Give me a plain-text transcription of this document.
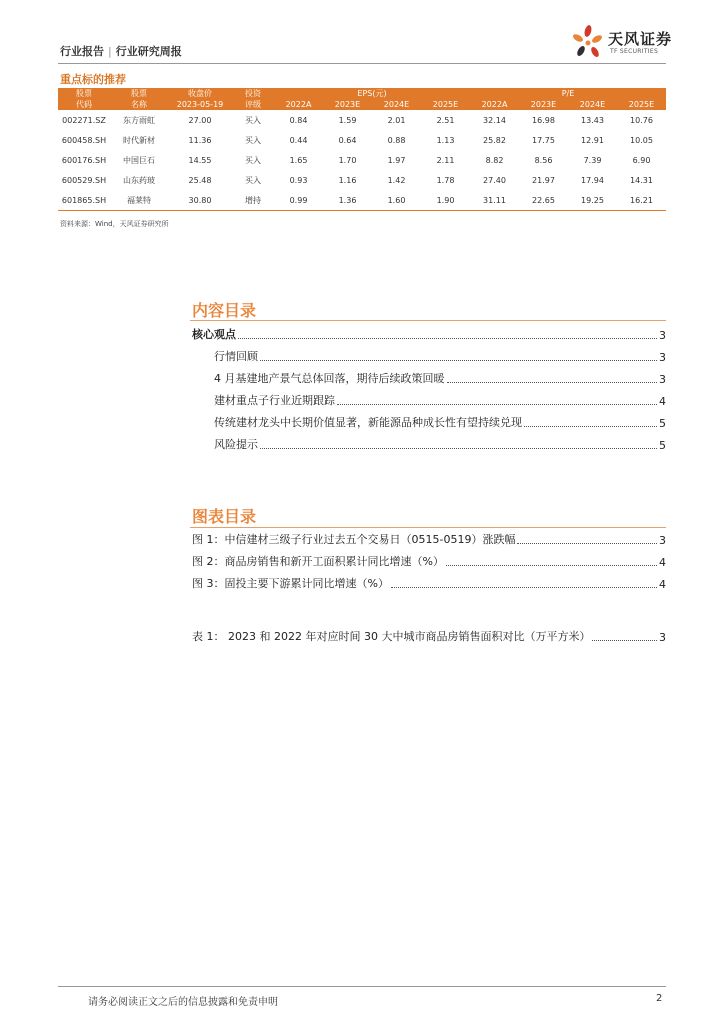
行业报告 | 行业研究周报
天风证券
TF SECURITIES
重点标的推荐
股票	股票	收盘价	投资	EPS(元)				P/E			
代码	名称	2023-05-19	评级	2022A	2023E	2024E	2025E	2022A	2023E	2024E	2025E
002271.SZ	东方雨虹	27.00	买入	0.84	1.59	2.01	2.51	32.14	16.98	13.43	10.76
600458.SH	时代新材	11.36	买入	0.44	0.64	0.88	1.13	25.82	17.75	12.91	10.05
600176.SH	中国巨石	14.55	买入	1.65	1.70	1.97	2.11	8.82	8.56	7.39	6.90
600529.SH	山东药玻	25.48	买入	0.93	1.16	1.42	1.78	27.40	21.97	17.94	14.31
601865.SH	福莱特	30.80	增持	0.99	1.36	1.60	1.90	31.11	22.65	19.25	16.21
资料来源：Wind，天风证券研究所
内容目录
核心观点	3
行情回顾	3
4 月基建地产景气总体回落，期待后续政策回暖	3
建材重点子行业近期跟踪	4
传统建材龙头中长期价值显著，新能源品种成长性有望持续兑现	5
风险提示	5
图表目录
图 1：中信建材三级子行业过去五个交易日（0515-0519）涨跌幅	3
图 2：商品房销售和新开工面积累计同比增速（%）	4
图 3：固投主要下游累计同比增速（%）	4
表 1： 2023 和 2022 年对应时间 30 大中城市商品房销售面积对比（万平方米）	3
请务必阅读正文之后的信息披露和免责申明	2
